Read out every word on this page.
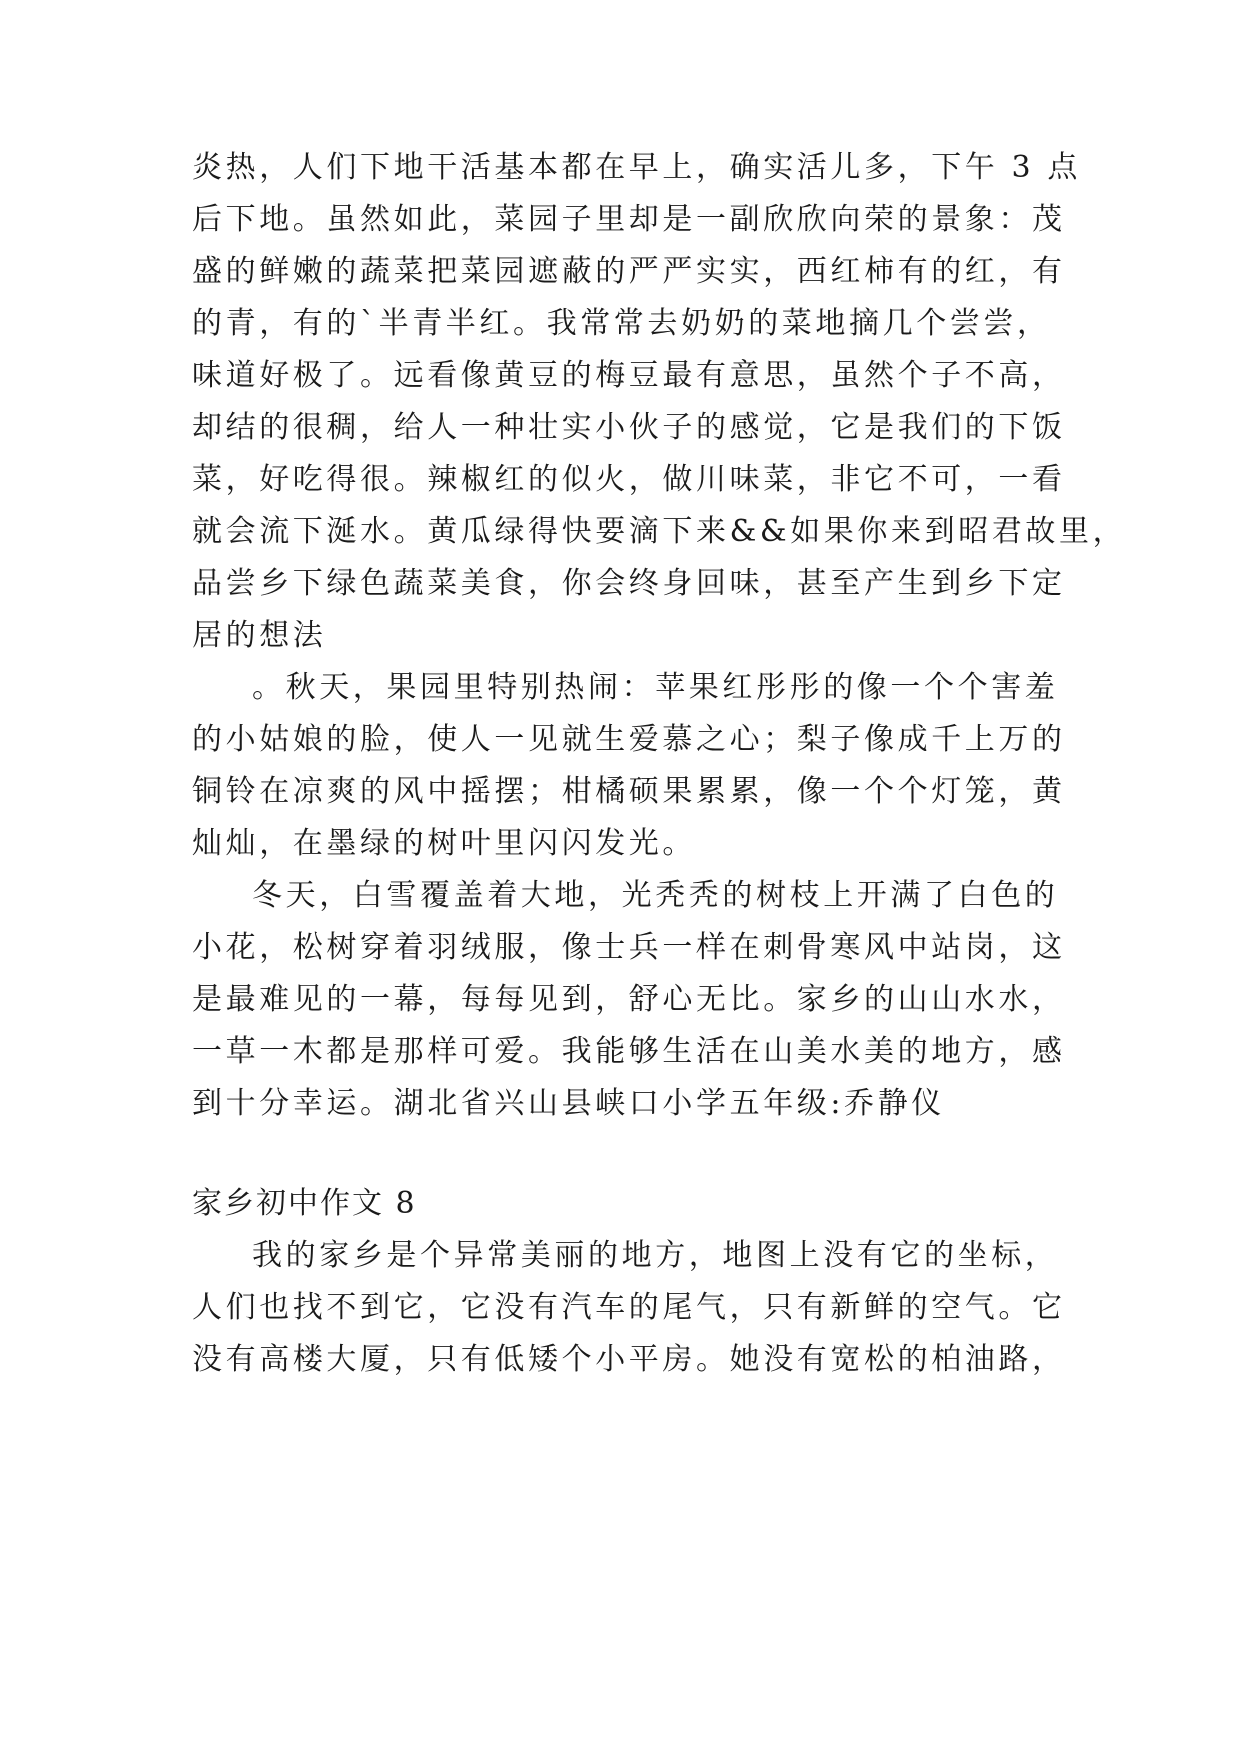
炎热，人们下地干活基本都在早上，确实活儿多，下午 3 点
后下地。虽然如此，菜园子里却是一副欣欣向荣的景象：茂
盛的鲜嫩的蔬菜把菜园遮蔽的严严实实，西红柿有的红，有
的青，有的`半青半红。我常常去奶奶的菜地摘几个尝尝，
味道好极了。远看像黄豆的梅豆最有意思，虽然个子不高，
却结的很稠，给人一种壮实小伙子的感觉，它是我们的下饭
菜，好吃得很。辣椒红的似火，做川味菜，非它不可，一看
就会流下涎水。黄瓜绿得快要滴下来&&如果你来到昭君故里，
品尝乡下绿色蔬菜美食，你会终身回味，甚至产生到乡下定
居的想法
。秋天，果园里特别热闹：苹果红彤彤的像一个个害羞
的小姑娘的脸，使人一见就生爱慕之心；梨子像成千上万的
铜铃在凉爽的风中摇摆；柑橘硕果累累，像一个个灯笼，黄
灿灿，在墨绿的树叶里闪闪发光。
冬天，白雪覆盖着大地，光秃秃的树枝上开满了白色的
小花，松树穿着羽绒服，像士兵一样在刺骨寒风中站岗，这
是最难见的一幕，每每见到，舒心无比。家乡的山山水水，
一草一木都是那样可爱。我能够生活在山美水美的地方，感
到十分幸运。湖北省兴山县峡口小学五年级:乔静仪
家乡初中作文 8
我的家乡是个异常美丽的地方，地图上没有它的坐标，
人们也找不到它，它没有汽车的尾气，只有新鲜的空气。它
没有高楼大厦，只有低矮个小平房。她没有宽松的柏油路，
